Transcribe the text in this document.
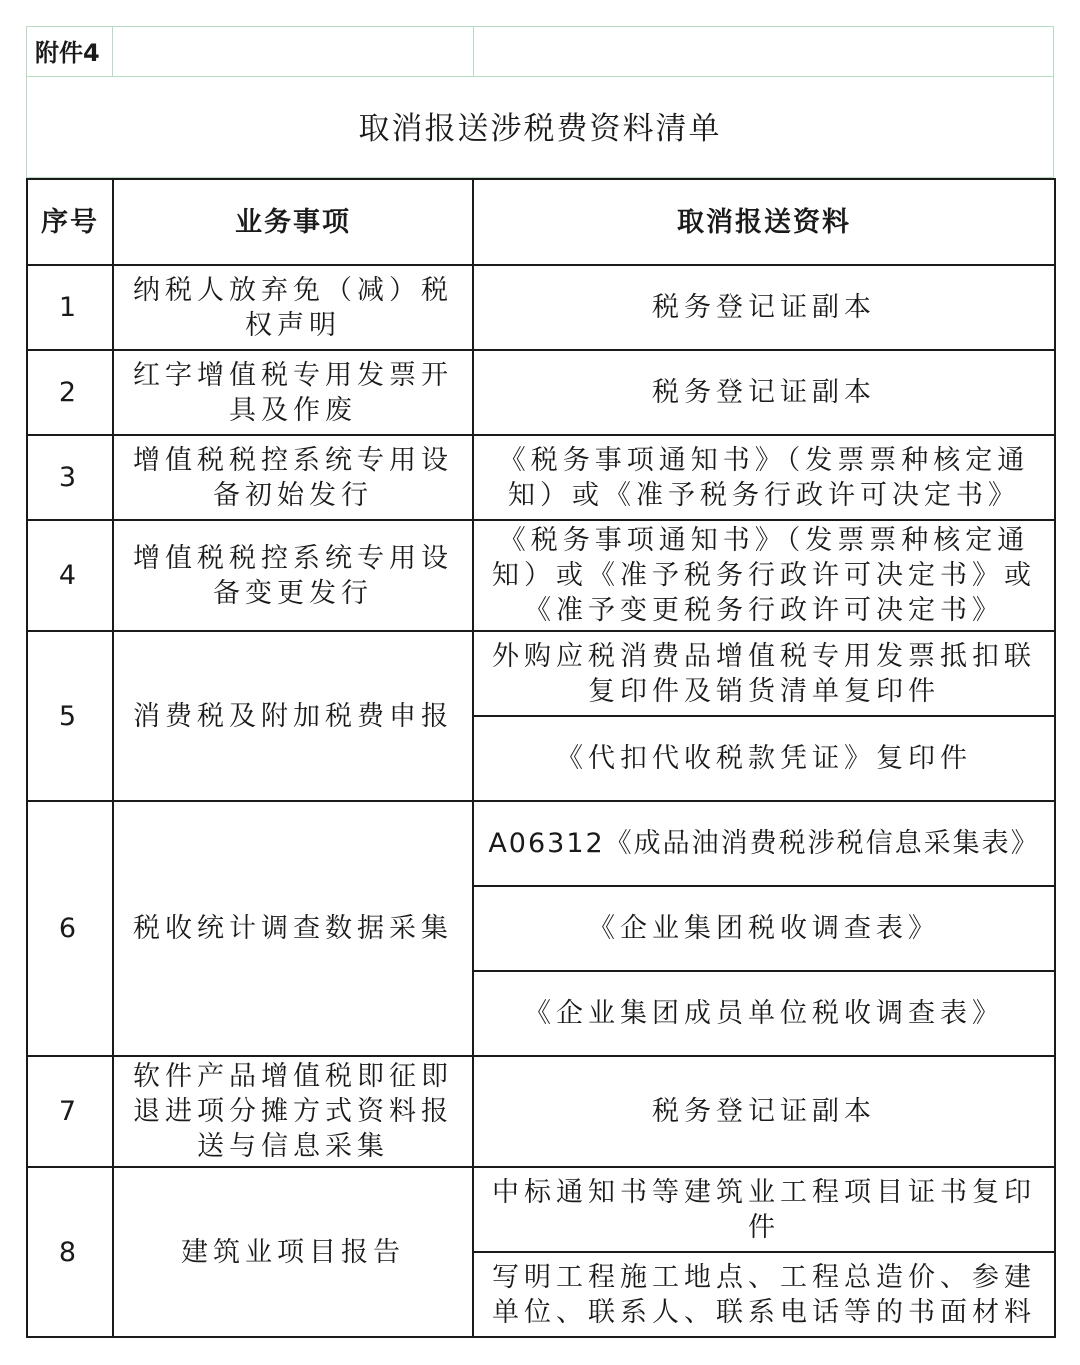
附件4
取消报送涉税费资料清单
序号	业务事项	取消报送资料
1	纳税人放弃免（减）税权声明	税务登记证副本
2	红字增值税专用发票开具及作废	税务登记证副本
3	增值税税控系统专用设备初始发行	《税务事项通知书》（发票票种核定通知）或《准予税务行政许可决定书》
4	增值税税控系统专用设备变更发行	《税务事项通知书》（发票票种核定通知）或《准予税务行政许可决定书》或《准予变更税务行政许可决定书》
5	消费税及附加税费申报	外购应税消费品增值税专用发票抵扣联复印件及销货清单复印件
		《代扣代收税款凭证》复印件
6	税收统计调查数据采集	A06312《成品油消费税涉税信息采集表》
		《企业集团税收调查表》
		《企业集团成员单位税收调查表》
7	软件产品增值税即征即退进项分摊方式资料报送与信息采集	税务登记证副本
8	建筑业项目报告	中标通知书等建筑业工程项目证书复印件
		写明工程施工地点、工程总造价、参建单位、联系人、联系电话等的书面材料
